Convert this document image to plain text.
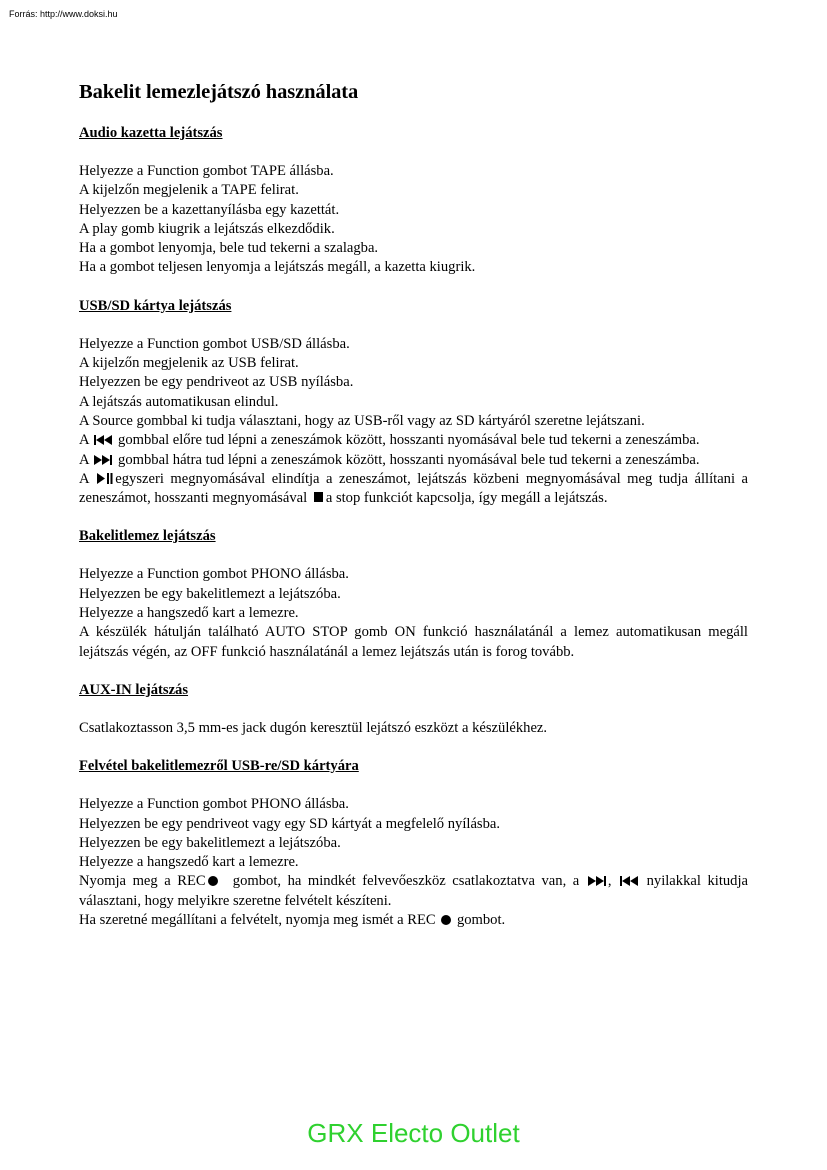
Forrás: http://www.doksi.hu
Bakelit lemezlejátszó használata
Audio kazetta lejátszás

Helyezze a Function gombot TAPE állásba.

A kijelzőn megjelenik a TAPE felirat.

Helyezzen be a kazettanyílásba egy kazettát.

A play gomb kiugrik a lejátszás elkezdődik.

Ha a gombot lenyomja, bele tud tekerni a szalagba.

Ha a gombot teljesen lenyomja a lejátszás megáll, a kazetta kiugrik.

USB/SD kártya lejátszás

Helyezze a Function gombot USB/SD állásba.

A kijelzőn megjelenik az USB felirat.

Helyezzen be egy pendriveot az USB nyílásba.

A lejátszás automatikusan elindul.

A Source gombbal ki tudja választani, hogy az USB-ről vagy az SD kártyáról szeretne lejátszani.

A gombbal előre tud lépni a zeneszámok között, hosszanti nyomásával bele tud tekerni a zeneszámba.

A gombbal hátra tud lépni a zeneszámok között, hosszanti nyomásával bele tud tekerni a zeneszámba.

A egyszeri megnyomásával elindítja a zeneszámot, lejátszás közbeni megnyomásával meg tudja állítani a zeneszámot, hosszanti megnyomásával a stop funkciót kapcsolja, így megáll a lejátszás.

Bakelitlemez lejátszás

Helyezze a Function gombot PHONO állásba.

Helyezzen be egy bakelitlemezt a lejátszóba.

Helyezze a hangszedő kart a lemezre.

A készülék hátulján található AUTO STOP gomb ON funkció használatánál a lemez automatikusan megáll lejátszás végén, az OFF funkció használatánál a lemez lejátszás után is forog tovább.

AUX-IN lejátszás

Csatlakoztasson 3,5 mm-es jack dugón keresztül lejátszó eszközt a készülékhez.

Felvétel bakelitlemezről USB-re/SD kártyára

Helyezze a Function gombot PHONO állásba.

Helyezzen be egy pendriveot vagy egy SD kártyát a megfelelő nyílásba.

Helyezzen be egy bakelitlemezt a lejátszóba.

Helyezze a hangszedő kart a lemezre.

Nyomja meg a REC gombot, ha mindkét felvevőeszköz csatlakoztatva van, a , nyilakkal kitudja választani, hogy melyikre szeretne felvételt készíteni.

Ha szeretné megállítani a felvételt, nyomja meg ismét a REC gombot.

GRX Electo Outlet
